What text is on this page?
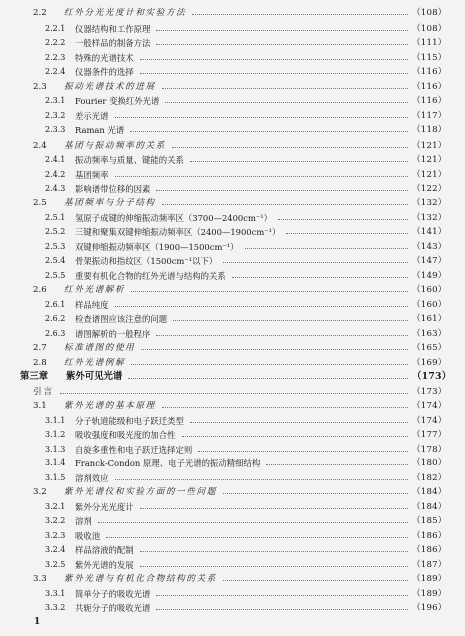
2.2 红外分光光度计和实验方法	（108）
2.2.1 仪器结构和工作原理	（108）
2.2.2 一般样品的制备方法	（111）
2.2.3 特殊的光谱技术	（115）
2.2.4 仪器条件的选择	（116）
2.3 振动光谱技术的进展	（116）
2.3.1 Fourier 变换红外光谱	（116）
2.3.2 差示光谱	（117）
2.3.3 Raman 光谱	（118）
2.4 基团与振动频率的关系	（121）
2.4.1 振动频率与质量、键能的关系	（121）
2.4.2 基团频率	（121）
2.4.3 影响谱带位移的因素	（122）
2.5 基团频率与分子结构	（132）
2.5.1 氢原子成键的伸缩振动频率区（3700—2400cm⁻¹）	（132）
2.5.2 三键和聚集双键伸缩振动频率区（2400—1900cm⁻¹）	（141）
2.5.3 双键伸缩振动频率区（1900—1500cm⁻¹）	（143）
2.5.4 骨架振动和指纹区（1500cm⁻¹以下）	（147）
2.5.5 重要有机化合物的红外光谱与结构的关系	（149）
2.6 红外光谱解析	（160）
2.6.1 样品纯度	（160）
2.6.2 检查谱图应该注意的问题	（161）
2.6.3 谱图解析的一般程序	（163）
2.7 标准谱图的使用	（165）
2.8 红外光谱例解	（169）
第三章 紫外可见光谱	（173）
引言	（173）
3.1 紫外光谱的基本原理	（174）
3.1.1 分子轨道能级和电子跃迁类型	（174）
3.1.2 吸收强度和吸光度的加合性	（177）
3.1.3 自旋多重性和电子跃迁选择定则	（178）
3.1.4 Franck-Condon 原理、电子光谱的振动精细结构	（180）
3.1.5 溶剂效应	（182）
3.2 紫外光谱仪和实验方面的一些问题	（184）
3.2.1 紫外分光光度计	（184）
3.2.2 溶剂	（185）
3.2.3 吸收池	（186）
3.2.4 样品溶液的配制	（186）
3.2.5 紫外光谱的发展	（187）
3.3 紫外光谱与有机化合物结构的关系	（189）
3.3.1 简单分子的吸收光谱	（189）
3.3.2 共轭分子的吸收光谱	（196）
1
